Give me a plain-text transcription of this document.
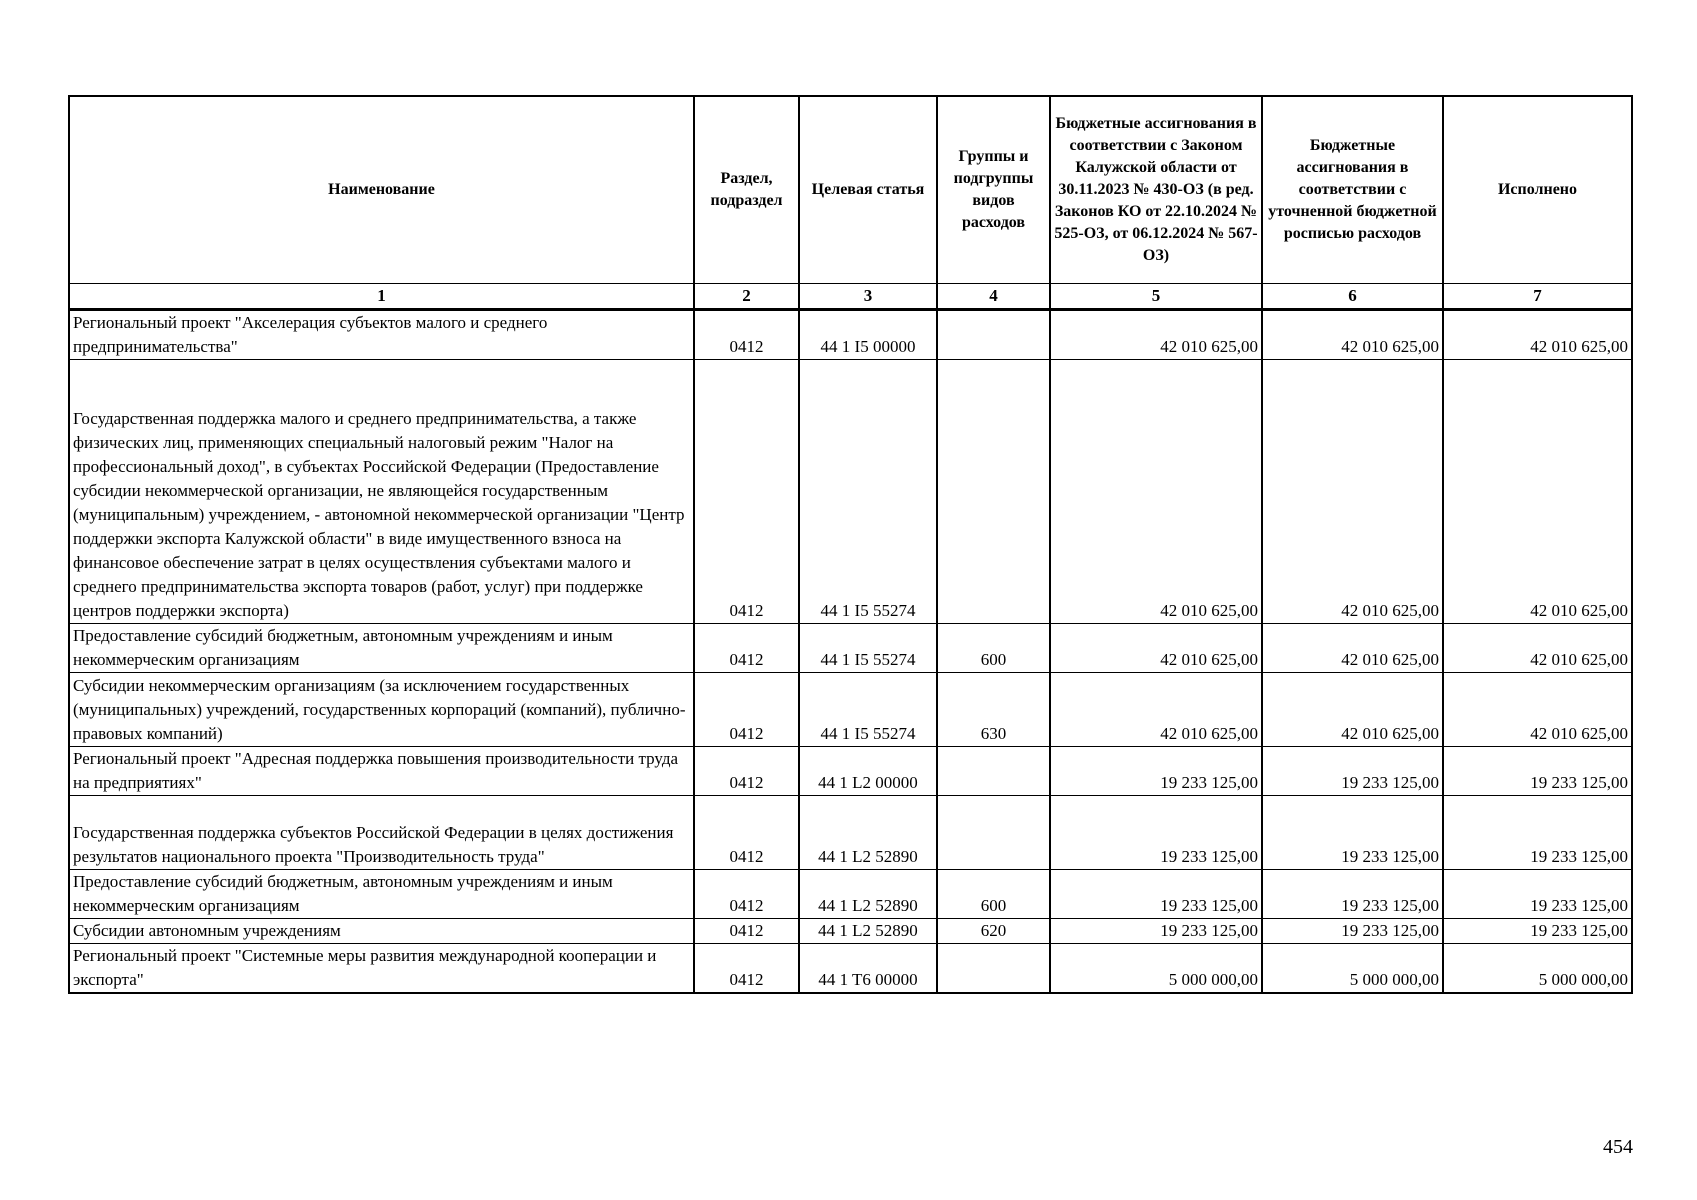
Наименование	Раздел, подраздел	Целевая статья	Группы и подгруппы видов расходов	Бюджетные ассигнования в соответствии с Законом Калужской области от 30.11.2023 № 430-ОЗ (в ред. Законов КО от 22.10.2024 № 525-ОЗ, от 06.12.2024 № 567-ОЗ)	Бюджетные ассигнования в соответствии с уточненной бюджетной росписью расходов	Исполнено
1	2	3	4	5	6	7
Региональный проект "Акселерация субъектов малого и среднего предпринимательства"	0412	44 1 I5 00000		42 010 625,00	42 010 625,00	42 010 625,00
Государственная поддержка малого и среднего предпринимательства, а также физических лиц, применяющих специальный налоговый режим "Налог на профессиональный доход", в субъектах Российской Федерации (Предоставление субсидии некоммерческой организации, не являющейся государственным (муниципальным) учреждением, - автономной некоммерческой организации "Центр поддержки экспорта Калужской области" в виде имущественного взноса на финансовое обеспечение затрат в целях осуществления субъектами малого и среднего предпринимательства экспорта товаров (работ, услуг) при поддержке центров поддержки экспорта)	0412	44 1 I5 55274		42 010 625,00	42 010 625,00	42 010 625,00
Предоставление субсидий бюджетным, автономным учреждениям и иным некоммерческим организациям	0412	44 1 I5 55274	600	42 010 625,00	42 010 625,00	42 010 625,00
Субсидии некоммерческим организациям (за исключением государственных (муниципальных) учреждений, государственных корпораций (компаний), публично-правовых компаний)	0412	44 1 I5 55274	630	42 010 625,00	42 010 625,00	42 010 625,00
Региональный проект "Адресная поддержка повышения производительности труда на предприятиях"	0412	44 1 L2 00000		19 233 125,00	19 233 125,00	19 233 125,00
Государственная поддержка субъектов Российской Федерации в целях достижения результатов национального проекта "Производительность труда"	0412	44 1 L2 52890		19 233 125,00	19 233 125,00	19 233 125,00
Предоставление субсидий бюджетным, автономным учреждениям и иным некоммерческим организациям	0412	44 1 L2 52890	600	19 233 125,00	19 233 125,00	19 233 125,00
Субсидии автономным учреждениям	0412	44 1 L2 52890	620	19 233 125,00	19 233 125,00	19 233 125,00
Региональный проект "Системные меры развития международной кооперации и экспорта"	0412	44 1 T6 00000		5 000 000,00	5 000 000,00	5 000 000,00
454
